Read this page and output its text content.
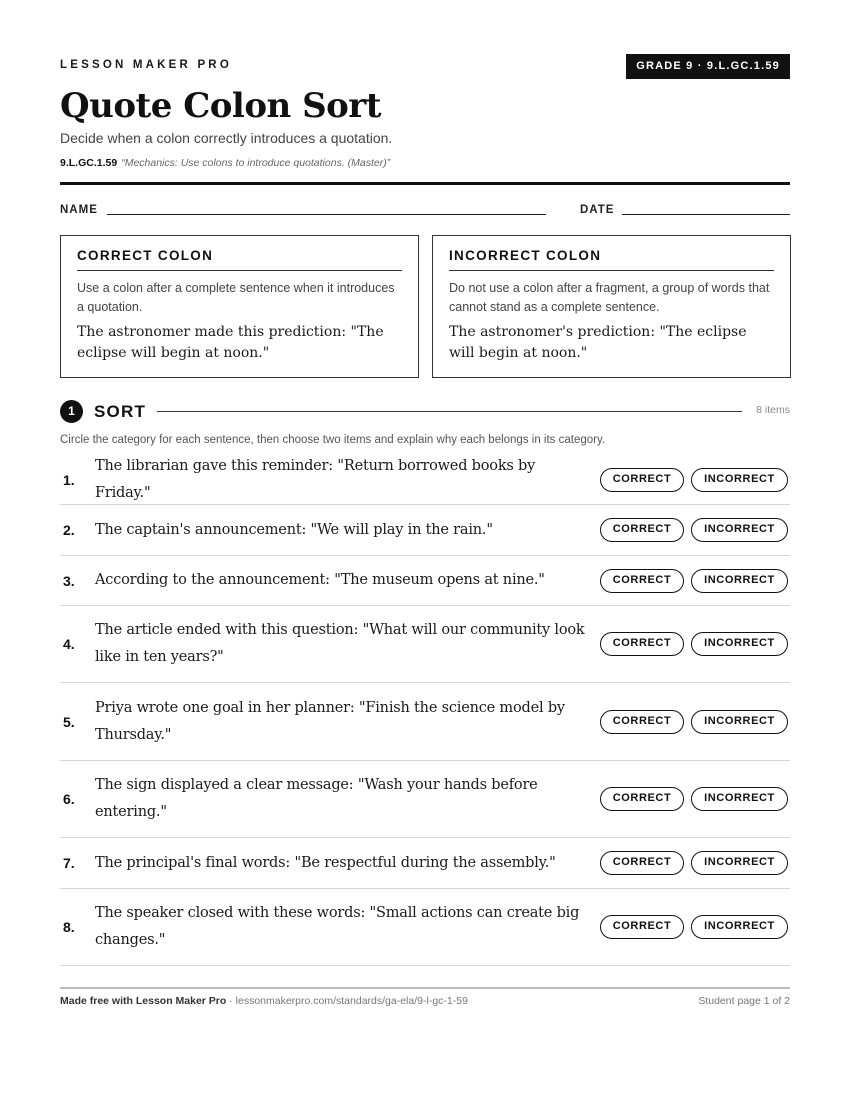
LESSON MAKER PRO	GRADE 9 · 9.L.GC.1.59
Quote Colon Sort
Decide when a colon correctly introduces a quotation.
9.L.GC.1.59 “Mechanics: Use colons to introduce quotations. (Master)”
NAME	DATE
CORRECT COLON
Use a colon after a complete sentence when it introduces a quotation.
The astronomer made this prediction: "The eclipse will begin at noon."
INCORRECT COLON
Do not use a colon after a fragment, a group of words that cannot stand as a complete sentence.
The astronomer's prediction: "The eclipse will begin at noon."
1	SORT	8 items
Circle the category for each sentence, then choose two items and explain why each belongs in its category.
1.
The librarian gave this reminder: "Return borrowed books by Friday."
CORRECT	INCORRECT
2.	The captain's announcement: "We will play in the rain."	CORRECT	INCORRECT
3.	According to the announcement: "The museum opens at nine."	CORRECT	INCORRECT
4.
The article ended with this question: "What will our community look like in ten years?"
CORRECT	INCORRECT
5.
Priya wrote one goal in her planner: "Finish the science model by Thursday."
CORRECT	INCORRECT
6.
The sign displayed a clear message: "Wash your hands before entering."
CORRECT	INCORRECT
7.	The principal's final words: "Be respectful during the assembly."	CORRECT	INCORRECT
8.
The speaker closed with these words: "Small actions can create big changes."
CORRECT	INCORRECT
Made free with Lesson Maker Pro · lessonmakerpro.com/standards/ga-ela/9-l-gc-1-59	Student page 1 of 2
